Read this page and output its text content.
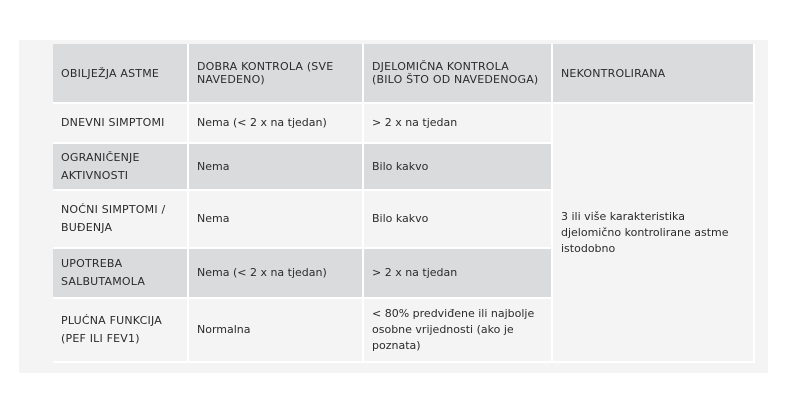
OBILJEŽJA ASTME	DOBRA KONTROLA (SVE NAVEDENO)	DJELOMIČNA KONTROLA (BILO ŠTO OD NAVEDENOGA)	NEKONTROLIRANA
DNEVNI SIMPTOMI	Nema (< 2 x na tjedan)	> 2 x na tjedan	3 ili više karakteristika djelomično kontrolirane astme istodobno
OGRANIČENJE AKTIVNOSTI	Nema	Bilo kakvo	
NOĆNI SIMPTOMI / BUĐENJA	Nema	Bilo kakvo	
UPOTREBA SALBUTAMOLA	Nema (< 2 x na tjedan)	> 2 x na tjedan	
PLUĆNA FUNKCIJA (PEF ILI FEV1)	Normalna	< 80% predviđene ili najbolje osobne vrijednosti (ako je poznata)	
